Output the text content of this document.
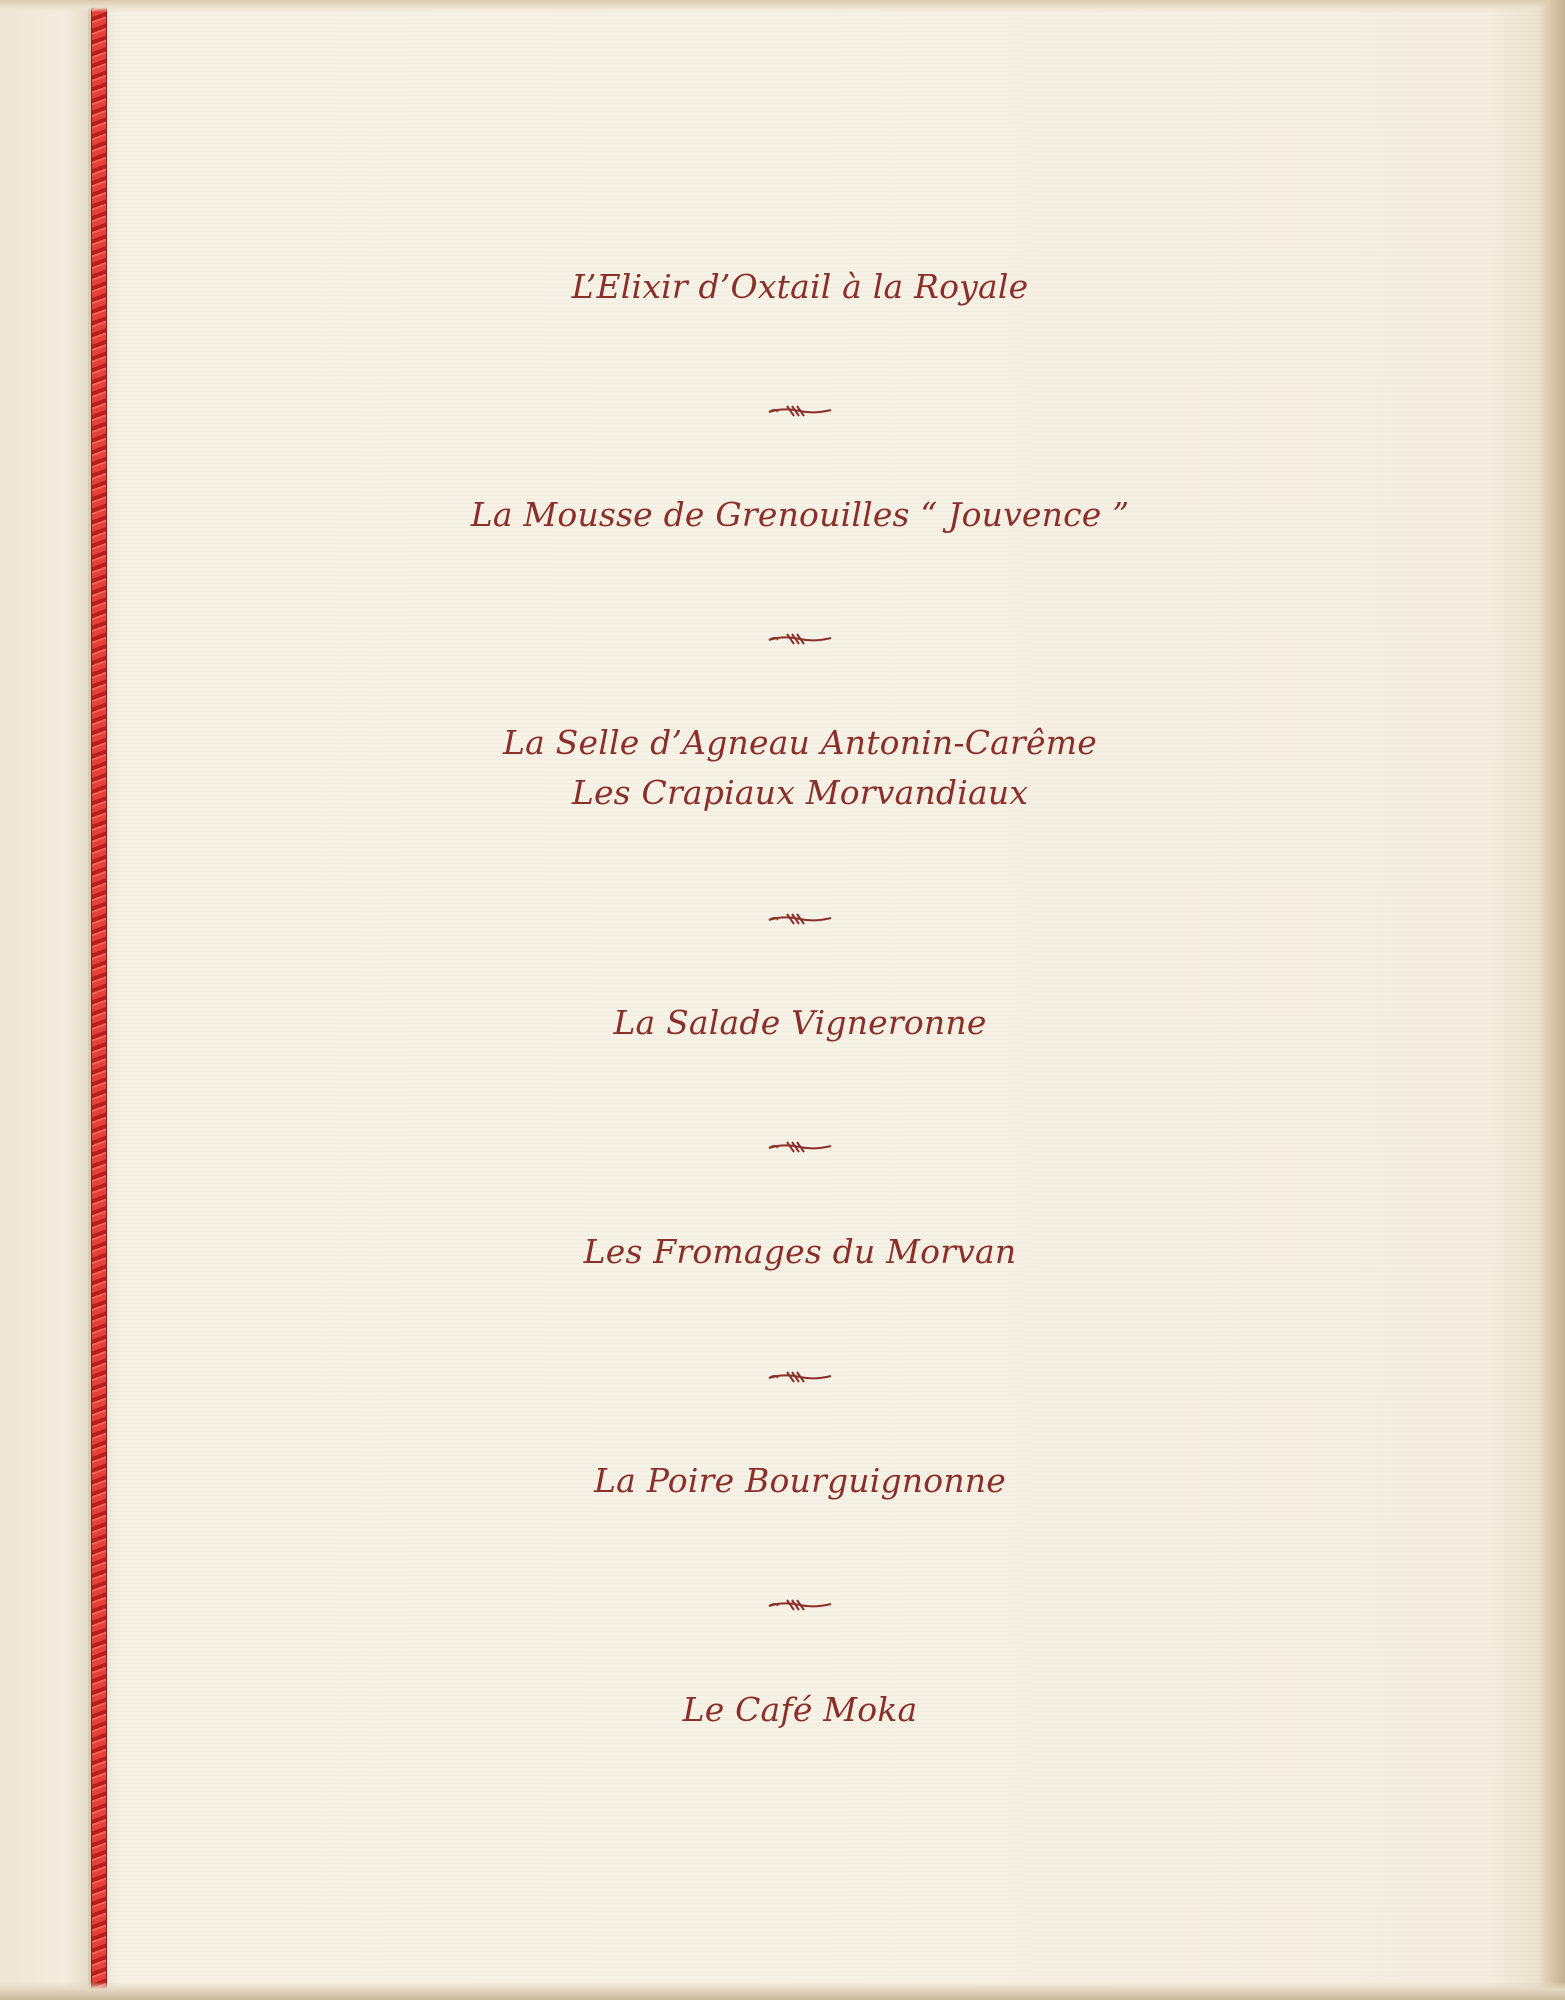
L’Elixir d’Oxtail à la Royale
La Mousse de Grenouilles “ Jouvence ”
La Selle d’Agneau Antonin-Carême
Les Crapiaux Morvandiaux
La Salade Vigneronne
Les Fromages du Morvan
La Poire Bourguignonne
Le Café Moka
